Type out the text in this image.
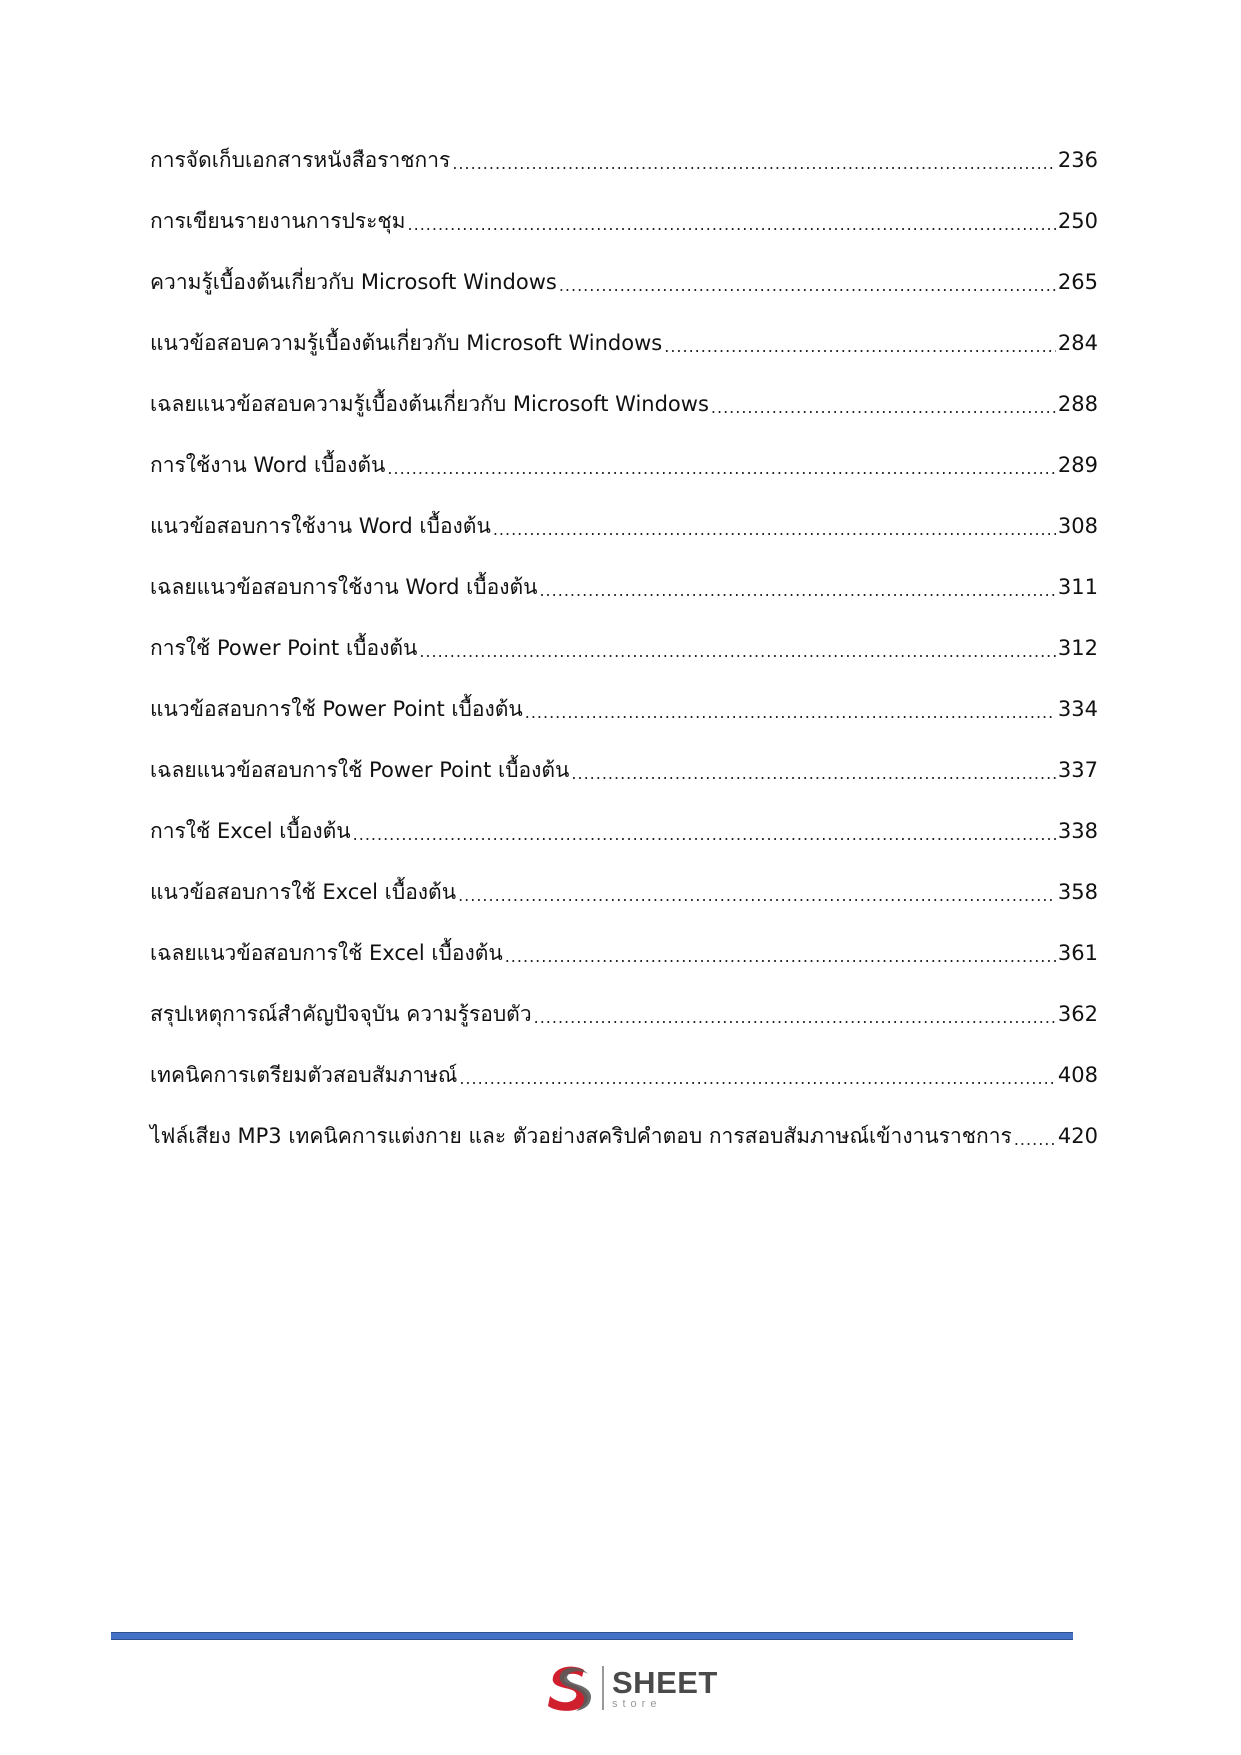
การจัดเก็บเอกสารหนังสือราชการ .....	236
การเขียนรายงานการประชุม .....	250
ความรู้เบื้องต้นเกี่ยวกับ Microsoft Windows .....	265
แนวข้อสอบความรู้เบื้องต้นเกี่ยวกับ Microsoft Windows .....	284
เฉลยแนวข้อสอบความรู้เบื้องต้นเกี่ยวกับ Microsoft Windows .....	288
การใช้งาน Word เบื้องต้น .....	289
แนวข้อสอบการใช้งาน Word เบื้องต้น .....	308
เฉลยแนวข้อสอบการใช้งาน Word เบื้องต้น .....	311
การใช้ Power Point เบื้องต้น .....	312
แนวข้อสอบการใช้ Power Point เบื้องต้น .....	334
เฉลยแนวข้อสอบการใช้ Power Point เบื้องต้น .....	337
การใช้ Excel เบื้องต้น .....	338
แนวข้อสอบการใช้ Excel เบื้องต้น .....	358
เฉลยแนวข้อสอบการใช้ Excel เบื้องต้น .....	361
สรุปเหตุการณ์สำคัญปัจจุบัน ความรู้รอบตัว .....	362
เทคนิคการเตรียมตัวสอบสัมภาษณ์ .....	408
ไฟล์เสียง MP3 เทคนิคการแต่งกาย และ ตัวอย่างสคริปคำตอบ การสอบสัมภาษณ์เข้างานราชการ ..... 420
SHEET
store
